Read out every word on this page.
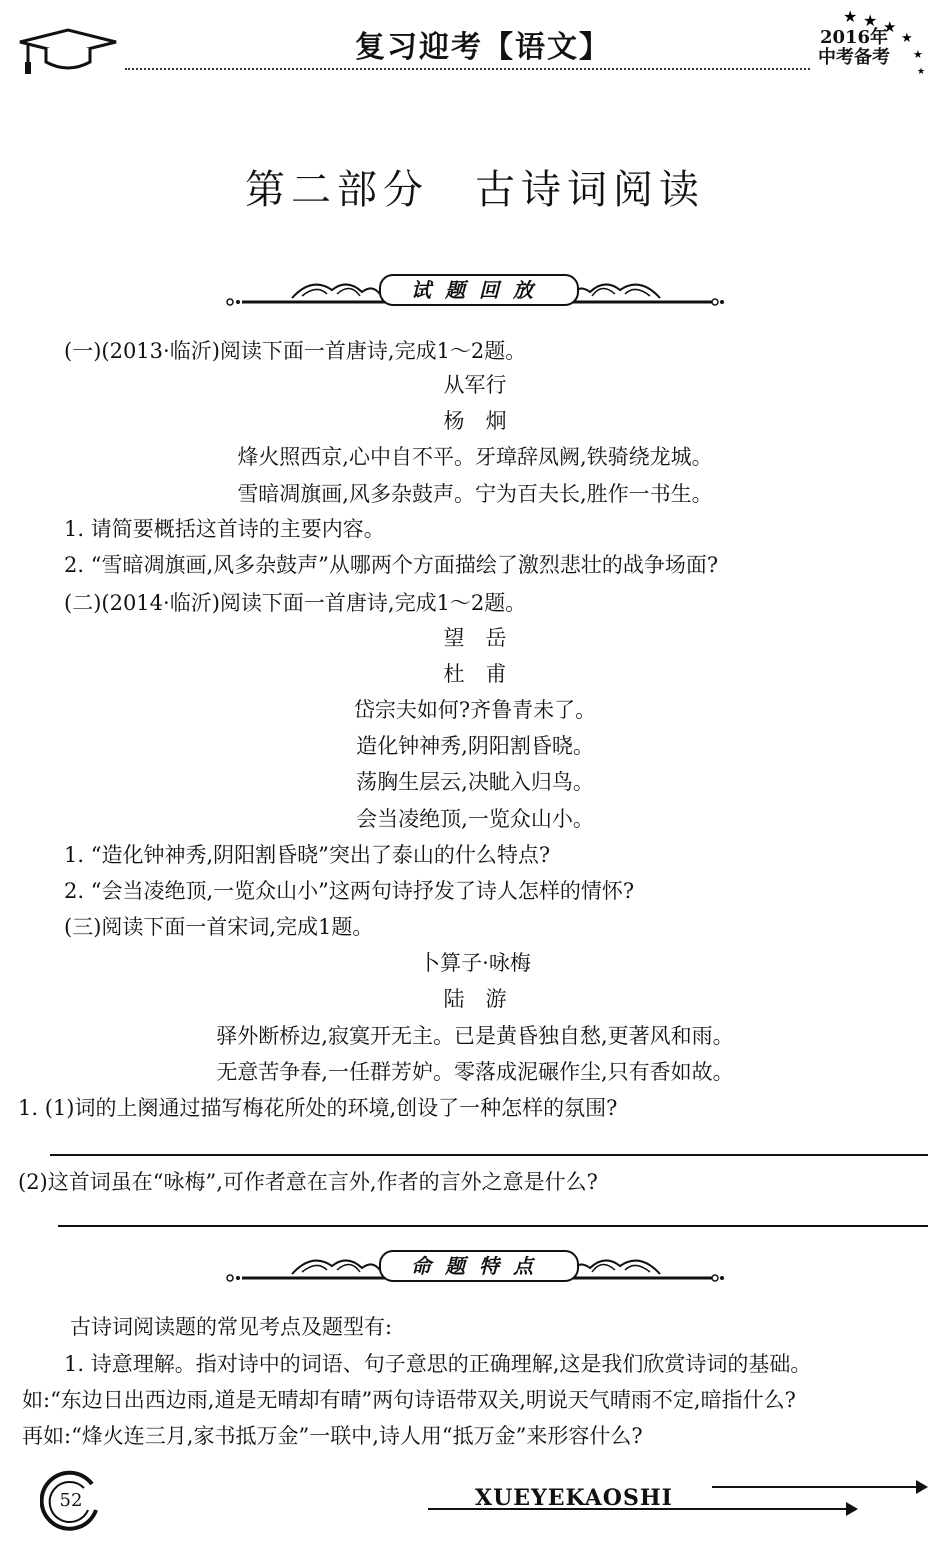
复习迎考【语文】
★ ★ ★
★
★
★
2016年
中考备考
第二部分　古诗词阅读
试题回放
(一)(2013·临沂)阅读下面一首唐诗,完成1～2题。
从军行
杨　炯
烽火照西京,心中自不平。牙璋辞凤阙,铁骑绕龙城。
雪暗凋旗画,风多杂鼓声。宁为百夫长,胜作一书生。
1. 请简要概括这首诗的主要内容。
2. “雪暗凋旗画,风多杂鼓声”从哪两个方面描绘了激烈悲壮的战争场面?
(二)(2014·临沂)阅读下面一首唐诗,完成1～2题。
望　岳
杜　甫
岱宗夫如何?齐鲁青未了。
造化钟神秀,阴阳割昏晓。
荡胸生层云,决眦入归鸟。
会当凌绝顶,一览众山小。
1. “造化钟神秀,阴阳割昏晓”突出了泰山的什么特点?
2. “会当凌绝顶,一览众山小”这两句诗抒发了诗人怎样的情怀?
(三)阅读下面一首宋词,完成1题。
卜算子·咏梅
陆　游
驿外断桥边,寂寞开无主。已是黄昏独自愁,更著风和雨。
无意苦争春,一任群芳妒。零落成泥碾作尘,只有香如故。
1. (1)词的上阕通过描写梅花所处的环境,创设了一种怎样的氛围?
(2)这首词虽在“咏梅”,可作者意在言外,作者的言外之意是什么?
命题特点
古诗词阅读题的常见考点及题型有:
1. 诗意理解。指对诗中的词语、句子意思的正确理解,这是我们欣赏诗词的基础。
如:“东边日出西边雨,道是无晴却有晴”两句诗语带双关,明说天气晴雨不定,暗指什么?
再如:“烽火连三月,家书抵万金”一联中,诗人用“抵万金”来形容什么?
52	XUEYEKAOSHI
